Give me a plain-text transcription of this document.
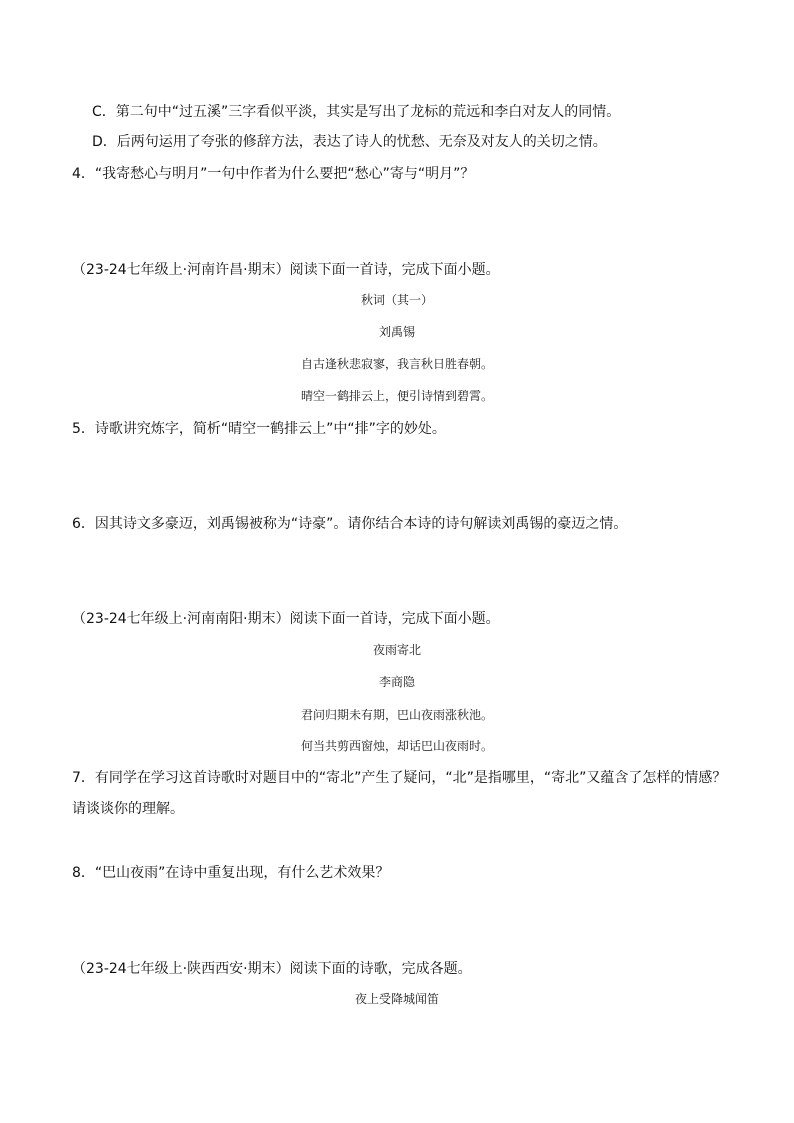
C．第二句中“过五溪”三字看似平淡，其实是写出了龙标的荒远和李白对友人的同情。
D．后两句运用了夸张的修辞方法，表达了诗人的忧愁、无奈及对友人的关切之情。
4．“我寄愁心与明月”一句中作者为什么要把“愁心”寄与“明月”？
（23-24七年级上·河南许昌·期末）阅读下面一首诗，完成下面小题。
秋词（其一）
刘禹锡
自古逢秋悲寂寥，我言秋日胜春朝。
晴空一鹤排云上，便引诗情到碧霄。
5．诗歌讲究炼字，简析“晴空一鹤排云上”中“排”字的妙处。
6．因其诗文多豪迈，刘禹锡被称为“诗豪”。请你结合本诗的诗句解读刘禹锡的豪迈之情。
（23-24七年级上·河南南阳·期末）阅读下面一首诗，完成下面小题。
夜雨寄北
李商隐
君问归期未有期，巴山夜雨涨秋池。
何当共剪西窗烛，却话巴山夜雨时。
7．有同学在学习这首诗歌时对题目中的“寄北”产生了疑问，“北”是指哪里，“寄北”又蕴含了怎样的情感？
请谈谈你的理解。
8．“巴山夜雨”在诗中重复出现，有什么艺术效果？
（23-24七年级上·陕西西安·期末）阅读下面的诗歌，完成各题。
夜上受降城闻笛
